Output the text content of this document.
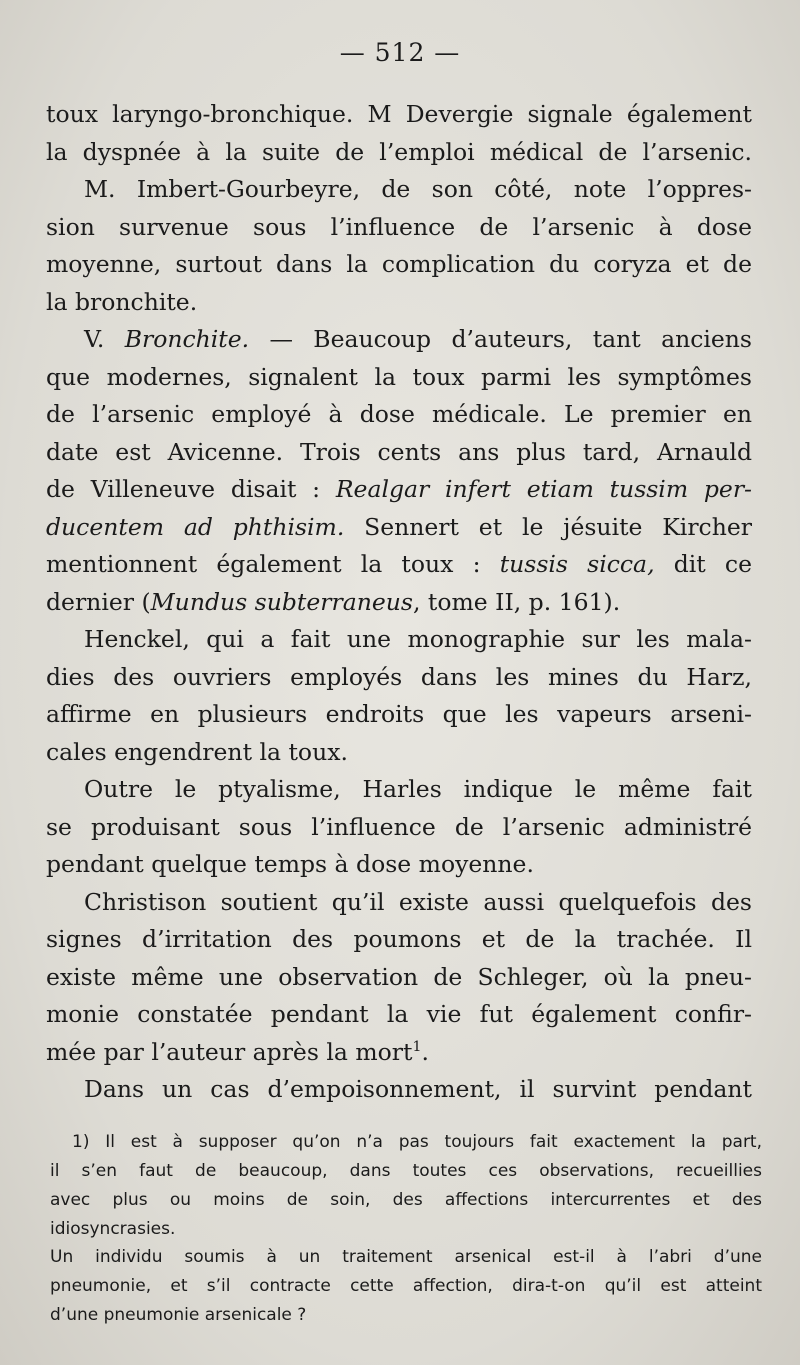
— 512 —
toux laryngo-bronchique. M Devergie signale également
la dyspnée à la suite de l’emploi médical de l’arsenic.
M. Imbert-Gourbeyre, de son côté, note l’oppres-
sion survenue sous l’influence de l’arsenic à dose
moyenne, surtout dans la complication du coryza et de
la bronchite.
V. Bronchite. — Beaucoup d’auteurs, tant anciens
que modernes, signalent la toux parmi les symptômes
de l’arsenic employé à dose médicale. Le premier en
date est Avicenne. Trois cents ans plus tard, Arnauld
de Villeneuve disait : Realgar infert etiam tussim per-
ducentem ad phthisim. Sennert et le jésuite Kircher
mentionnent également la toux : tussis sicca, dit ce
dernier (Mundus subterraneus, tome II, p. 161).
Henckel, qui a fait une monographie sur les mala-
dies des ouvriers employés dans les mines du Harz,
affirme en plusieurs endroits que les vapeurs arseni-
cales engendrent la toux.
Outre le ptyalisme, Harles indique le même fait
se produisant sous l’influence de l’arsenic administré
pendant quelque temps à dose moyenne.
Christison soutient qu’il existe aussi quelquefois des
signes d’irritation des poumons et de la trachée. Il
existe même une observation de Schleger, où la pneu-
monie constatée pendant la vie fut également confir-
mée par l’auteur après la mort$^1$.
Dans un cas d’empoisonnement, il survint pendant
1) Il est à supposer qu’on n’a pas toujours fait exactement la part,
il s’en faut de beaucoup, dans toutes ces observations, recueillies
avec plus ou moins de soin, des affections intercurrentes et des
idiosyncrasies.
Un individu soumis à un traitement arsenical est-il à l’abri d’une
pneumonie, et s’il contracte cette affection, dira-t-on qu’il est atteint
d’une pneumonie arsenicale ?
